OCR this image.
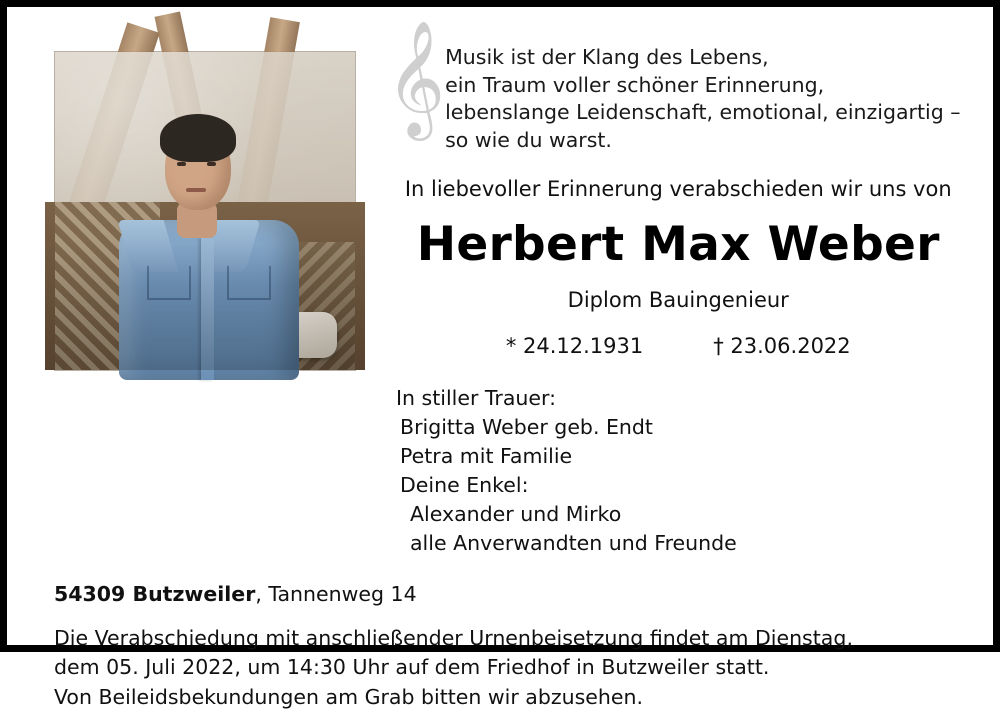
𝄞 Musik ist der Klang des Lebens,
ein Traum voller schöner Erinnerung,
lebenslange Leidenschaft, emotional, einzigartig –
so wie du warst.
In liebevoller Erinnerung verabschieden wir uns von
Herbert Max Weber
Diplom Bauingenieur
* 24.12.1931	† 23.06.2022
In stiller Trauer:
Brigitta Weber geb. Endt
Petra mit Familie
Deine Enkel:
Alexander und Mirko
alle Anverwandten und Freunde
54309 Butzweiler, Tannenweg 14
Die Verabschiedung mit anschließender Urnenbeisetzung findet am Dienstag,
dem 05. Juli 2022, um 14:30 Uhr auf dem Friedhof in Butzweiler statt.
Von Beileidsbekundungen am Grab bitten wir abzusehen.
